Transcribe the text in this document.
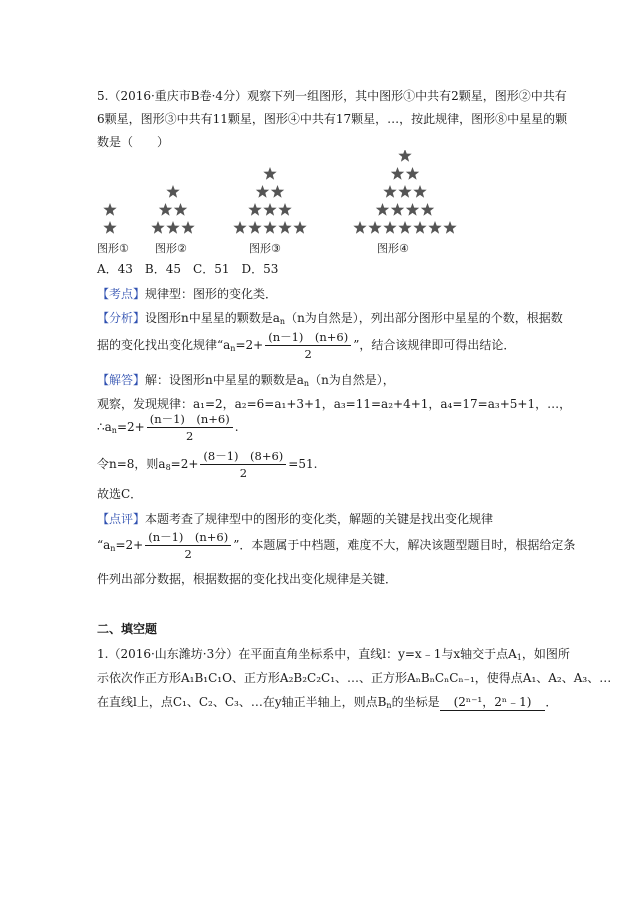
5.（2016·重庆市B卷·4分）观察下列一组图形，其中图形①中共有2颗星，图形②中共有
6颗星，图形③中共有11颗星，图形④中共有17颗星，…，按此规律，图形⑧中星星的颗
数是（　　）
图形① 图形②	图形③	图形④
A．43　B．45　C．51　D．53
【考点】规律型：图形的变化类．
【分析】设图形n中星星的颗数是$a_n(n$为自然是），列出部分图形中星星的个数，根据数
据的变化找出变化规律“$a_n=2+ \frac{(n-1) (n+6)}{2}$ ”，结合该规律即可得出结论．
【解答】解：设图形n中星星的颗数是$a_n(n$为自然是），
观察，发现规律：a₁=2，a₂=6=a₁+3+1，a₃=11=a₂+4+1，a₄=17=a₃+5+1，…，
$\therefore a_n=2+ \frac{(n-1) (n+6)}{2}$ .
令n=8，则$a_8=2+ \frac{(8-1) (8+6)}{2} =51$.
故选C．
【点评】本题考查了规律型中的图形的变化类，解题的关键是找出变化规律
“$a_n=2+ \frac{(n-1) (n+6)}{2}$ ”．本题属于中档题，难度不大，解决该题型题目时，根据给定条
件列出部分数据，根据数据的变化找出变化规律是关键．
二、填空题
1.（2016·山东潍坊·3分）在平面直角坐标系中，直线l：y=x﹣1与x轴交于点$A_1$，如图所
示依次作正方形A₁B₁C₁O、正方形A₂B₂C₂C₁、…、正方形AₙBₙCₙCₙ₋₁，使得点A₁、A₂、A₃、…
在直线l上，点C₁、C₂、C₃、…在y轴正半轴上，则点$B_n$的坐标是 (2ⁿ⁻¹，2ⁿ﹣1) ．
